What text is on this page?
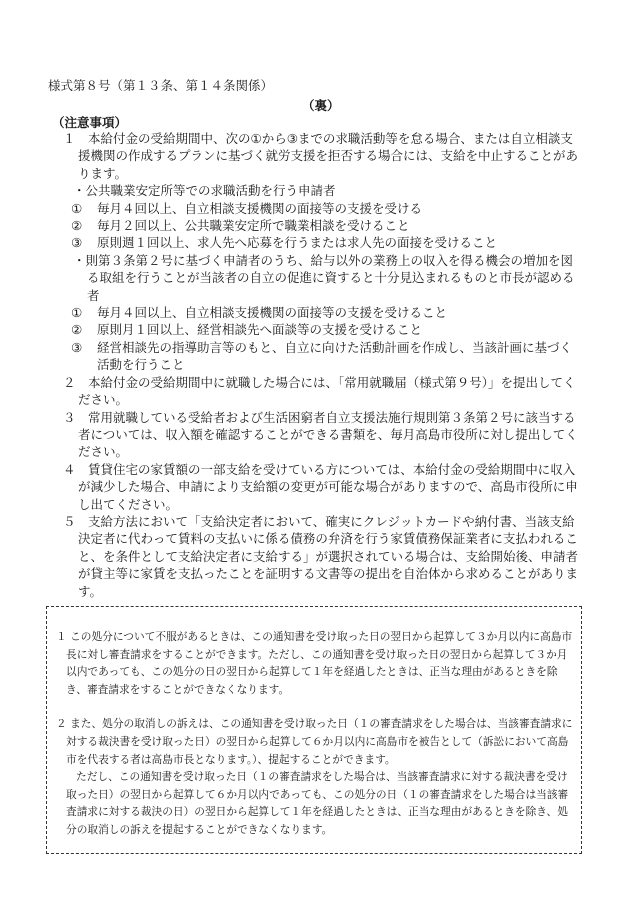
様式第８号（第１３条、第１４条関係）
（裏）
（注意事項）
１　本給付金の受給期間中、次の①から③までの求職活動等を怠る場合、または自立相談支援機関の作成するプランに基づく就労支援を拒否する場合には、支給を中止することがあります。
・公共職業安定所等での求職活動を行う申請者
① 毎月４回以上、自立相談支援機関の面接等の支援を受ける
② 毎月２回以上、公共職業安定所で職業相談を受けること
③ 原則週１回以上、求人先へ応募を行うまたは求人先の面接を受けること
・則第３条第２号に基づく申請者のうち、給与以外の業務上の収入を得る機会の増加を図る取組を行うことが当該者の自立の促進に資すると十分見込まれるものと市長が認める者
① 毎月４回以上、自立相談支援機関の面接等の支援を受けること
② 原則月１回以上、経営相談先へ面談等の支援を受けること
③ 経営相談先の指導助言等のもと、自立に向けた活動計画を作成し、当該計画に基づく活動を行うこと
２　本給付金の受給期間中に就職した場合には、「常用就職届（様式第９号）」を提出してください。
３　常用就職している受給者および生活困窮者自立支援法施行規則第３条第２号に該当する者については、収入額を確認することができる書類を、毎月高島市役所に対し提出してください。
４　賃貸住宅の家賃額の一部支給を受けている方については、本給付金の受給期間中に収入が減少した場合、申請により支給額の変更が可能な場合がありますので、高島市役所に申し出てください。
５　支給方法において「支給決定者において、確実にクレジットカードや納付書、当該支給決定者に代わって賃料の支払いに係る債務の弁済を行う家賃債務保証業者に支払われること、を条件として支給決定者に支給する」が選択されている場合は、支給開始後、申請者が貸主等に家賃を支払ったことを証明する文書等の提出を自治体から求めることがあります。
１ この処分について不服があるときは、この通知書を受け取った日の翌日から起算して３か月以内に高島市長に対し審査請求をすることができます。ただし、この通知書を受け取った日の翌日から起算して３か月以内であっても、この処分の日の翌日から起算して１年を経過したときは、正当な理由があるときを除き、審査請求をすることができなくなります。
２ また、処分の取消しの訴えは、この通知書を受け取った日（１の審査請求をした場合は、当該審査請求に対する裁決書を受け取った日）の翌日から起算して６か月以内に高島市を被告として（訴訟において高島市を代表する者は高島市長となります。）、提起することができます。
ただし、この通知書を受け取った日（１の審査請求をした場合は、当該審査請求に対する裁決書を受け取った日）の翌日から起算して６か月以内であっても、この処分の日（１の審査請求をした場合は当該審査請求に対する裁決の日）の翌日から起算して１年を経過したときは、正当な理由があるときを除き、処分の取消しの訴えを提起することができなくなります。
